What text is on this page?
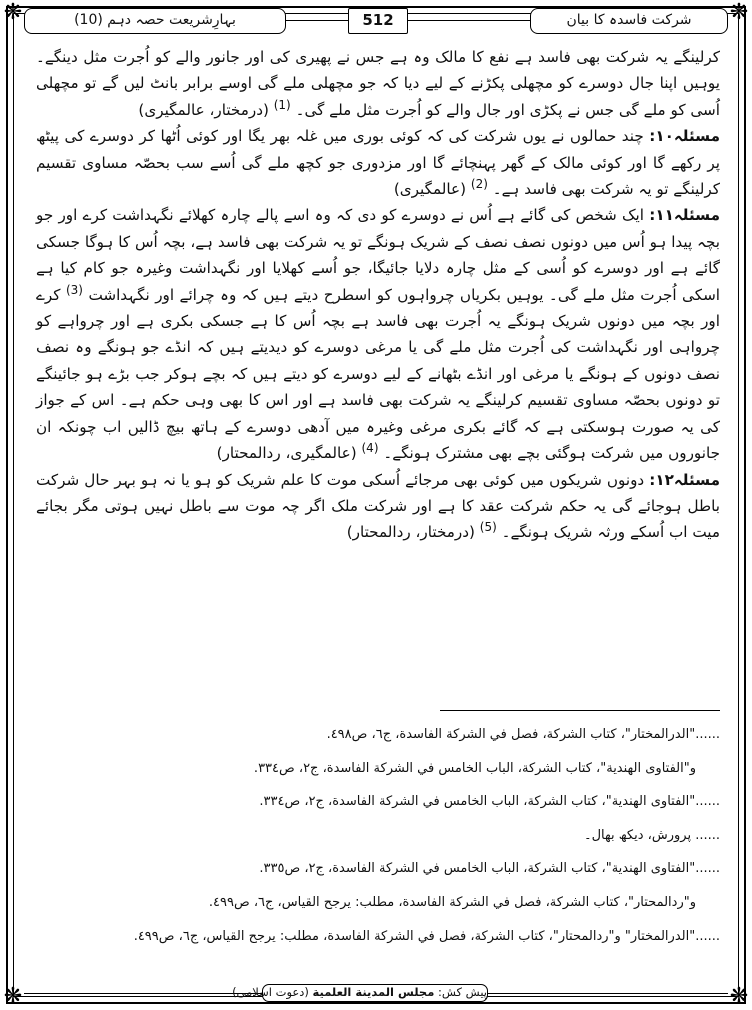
❋	❋
❋	❋
شرکت فاسدہ کا بیان
512
بہارِشریعت حصہ دہم (10)

کرلینگے یہ شرکت بھی فاسد ہے نفع کا مالک وہ ہے جس نے پھیری کی اور جانور والے کو اُجرت مثل دینگے۔ یوہیں اپنا جال دوسرے کو مچھلی پکڑنے کے لیے دیا کہ جو مچھلی ملے گی اوسے برابر بانٹ لیں گے تو مچھلی اُسی کو ملے گی جس نے پکڑی اور جال والے کو اُجرت مثل ملے گی۔ $^{(1)}$ (درمختار، عالمگیری)

مسئلہ۱۰: چند حمالوں نے یوں شرکت کی کہ کوئی بوری میں غلہ بھر یگا اور کوئی اُٹھا کر دوسرے کی پیٹھ پر رکھے گا اور کوئی مالک کے گھر پہنچائے گا اور مزدوری جو کچھ ملے گی اُسے سب بحصّہ مساوی تقسیم کرلینگے تو یہ شرکت بھی فاسد ہے۔ $^{(2)}$ (عالمگیری)

مسئلہ۱۱: ایک شخص کی گائے ہے اُس نے دوسرے کو دی کہ وہ اسے پالے چارہ کھلائے نگہداشت کرے اور جو بچہ پیدا ہو اُس میں دونوں نصف نصف کے شریک ہونگے تو یہ شرکت بھی فاسد ہے، بچہ اُس کا ہوگا جسکی گائے ہے اور دوسرے کو اُسی کے مثل چارہ دلایا جائیگا، جو اُسے کھلایا اور نگہداشت وغیرہ جو کام کیا ہے اسکی اُجرت مثل ملے گی۔ یوہیں بکریاں چرواہوں کو اسطرح دیتے ہیں کہ وہ چرائے اور نگہداشت $^{(3)}$ کرے اور بچہ میں دونوں شریک ہونگے یہ اُجرت بھی فاسد ہے بچہ اُس کا ہے جسکی بکری ہے اور چرواہے کو چرواہی اور نگہداشت کی اُجرت مثل ملے گی یا مرغی دوسرے کو دیدیتے ہیں کہ انڈے جو ہونگے وہ نصف نصف دونوں کے ہونگے یا مرغی اور انڈے بٹھانے کے لیے دوسرے کو دیتے ہیں کہ بچے ہوکر جب بڑے ہو جائینگے تو دونوں بحصّہ مساوی تقسیم کرلینگے یہ شرکت بھی فاسد ہے اور اس کا بھی وہی حکم ہے۔ اس کے جواز کی یہ صورت ہوسکتی ہے کہ گائے بکری مرغی وغیرہ میں آدھی دوسرے کے ہاتھ بیچ ڈالیں اب چونکہ ان جانوروں میں شرکت ہوگئی بچے بھی مشترک ہونگے۔ $^{(4)}$ (عالمگیری، ردالمحتار)

مسئلہ۱۲: دونوں شریکوں میں کوئی بھی مرجائے اُسکی موت کا علم شریک کو ہو یا نہ ہو بہر حال شرکت باطل ہوجائے گی یہ حکم شرکت عقد کا ہے اور شرکت ملک اگر چہ موت سے باطل نہیں ہوتی مگر بجائے میت اب اُسکے ورثہ شریک ہونگے۔ $^{(5)}$ (درمختار، ردالمحتار)

......"الدرالمختار"، كتاب الشركة، فصل في الشركة الفاسدة، ج٦، ص٤٩٨.

و"الفتاوی الهندية"، كتاب الشركة، الباب الخامس في الشركة الفاسدة، ج٢، ص٣٣٤.

......"الفتاوی الهندية"، كتاب الشركة، الباب الخامس في الشركة الفاسدة، ج٢، ص٣٣٤.

...... پرورش، دیکھ بھال۔

......"الفتاوی الهندية"، كتاب الشركة، الباب الخامس في الشركة الفاسدة، ج٢، ص٣٣٥.

و"ردالمحتار"، كتاب الشركة، فصل في الشركة الفاسدة، مطلب: يرجح القياس، ج٦، ص٤٩٩.

......"الدرالمختار" و"ردالمحتار"، كتاب الشركة، فصل في الشركة الفاسدة، مطلب: يرجح القياس، ج٦، ص٤٩٩.

پیش کش: مجلس المدينة العلمية (دعوت اسلامی)
